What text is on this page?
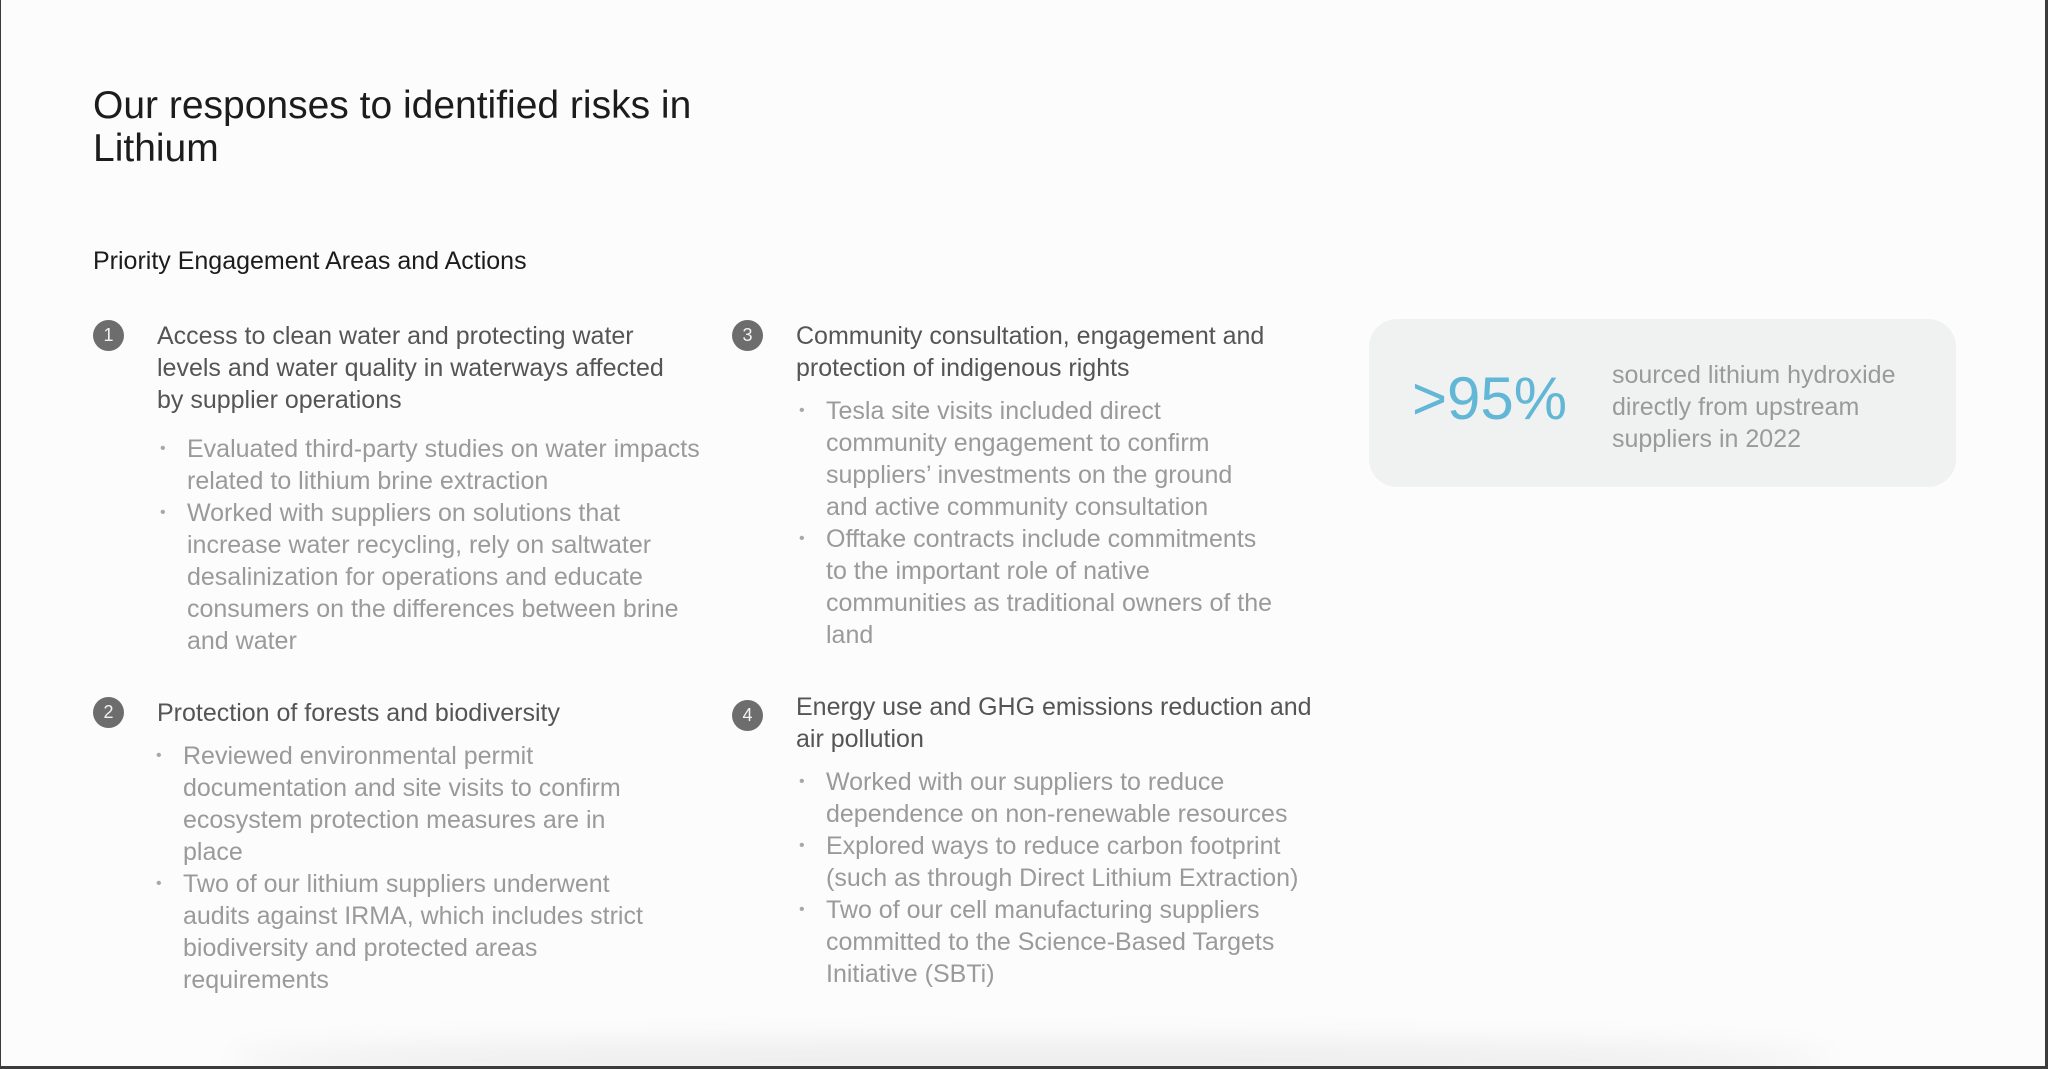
Our responses to identified risks in Lithium
Priority Engagement Areas and Actions
1	Access to clean water and protecting water levels and water quality in waterways affected by supplier operations
• Evaluated third-party studies on water impacts related to lithium brine extraction
• Worked with suppliers on solutions that increase water recycling, rely on saltwater desalinization for operations and educate consumers on the differences between brine and water
2	Protection of forests and biodiversity
• Reviewed environmental permit documentation and site visits to confirm ecosystem protection measures are in place
• Two of our lithium suppliers underwent audits against IRMA, which includes strict biodiversity and protected areas requirements
3	Community consultation, engagement and protection of indigenous rights
• Tesla site visits included direct community engagement to confirm suppliers’ investments on the ground and active community consultation
• Offtake contracts include commitments to the important role of native communities as traditional owners of the land
4	Energy use and GHG emissions reduction and air pollution
• Worked with our suppliers to reduce dependence on non-renewable resources
• Explored ways to reduce carbon footprint (such as through Direct Lithium Extraction)
• Two of our cell manufacturing suppliers committed to the Science-Based Targets Initiative (SBTi)
>95% sourced lithium hydroxide directly from upstream suppliers in 2022
